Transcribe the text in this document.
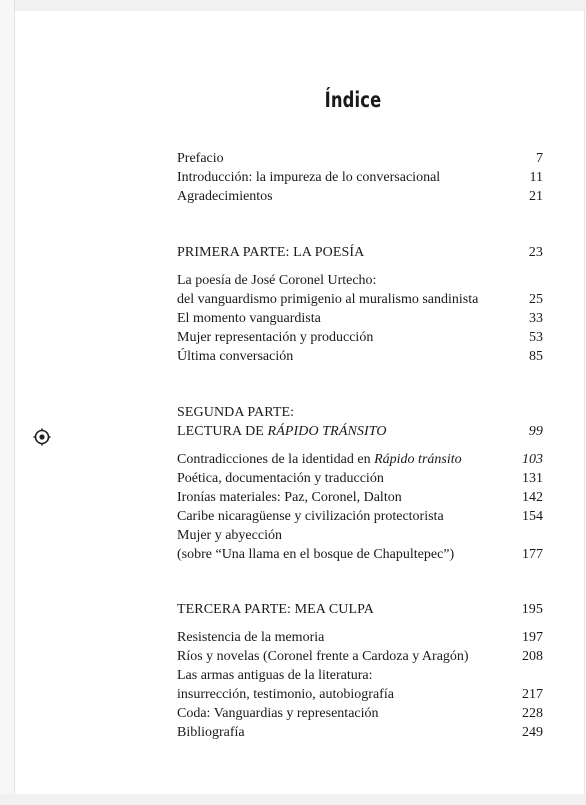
Índice
Prefacio	7
Introducción: la impureza de lo conversacional	11
Agradecimientos	21
PRIMERA PARTE: LA POESÍA	23
La poesía de José Coronel Urtecho:
del vanguardismo primigenio al muralismo sandinista	25
El momento vanguardista	33
Mujer representación y producción	53
Última conversación	85
SEGUNDA PARTE:
LECTURA DE RÁPIDO TRÁNSITO	99
Contradicciones de la identidad en Rápido tránsito	103
Poética, documentación y traducción	131
Ironías materiales: Paz, Coronel, Dalton	142
Caribe nicaragüense y civilización protectorista	154
Mujer y abyección
(sobre “Una llama en el bosque de Chapultepec”)	177
TERCERA PARTE: MEA CULPA	195
Resistencia de la memoria	197
Ríos y novelas (Coronel frente a Cardoza y Aragón)	208
Las armas antiguas de la literatura:
insurrección, testimonio, autobiografía	217
Coda: Vanguardias y representación	228
Bibliografía	249
